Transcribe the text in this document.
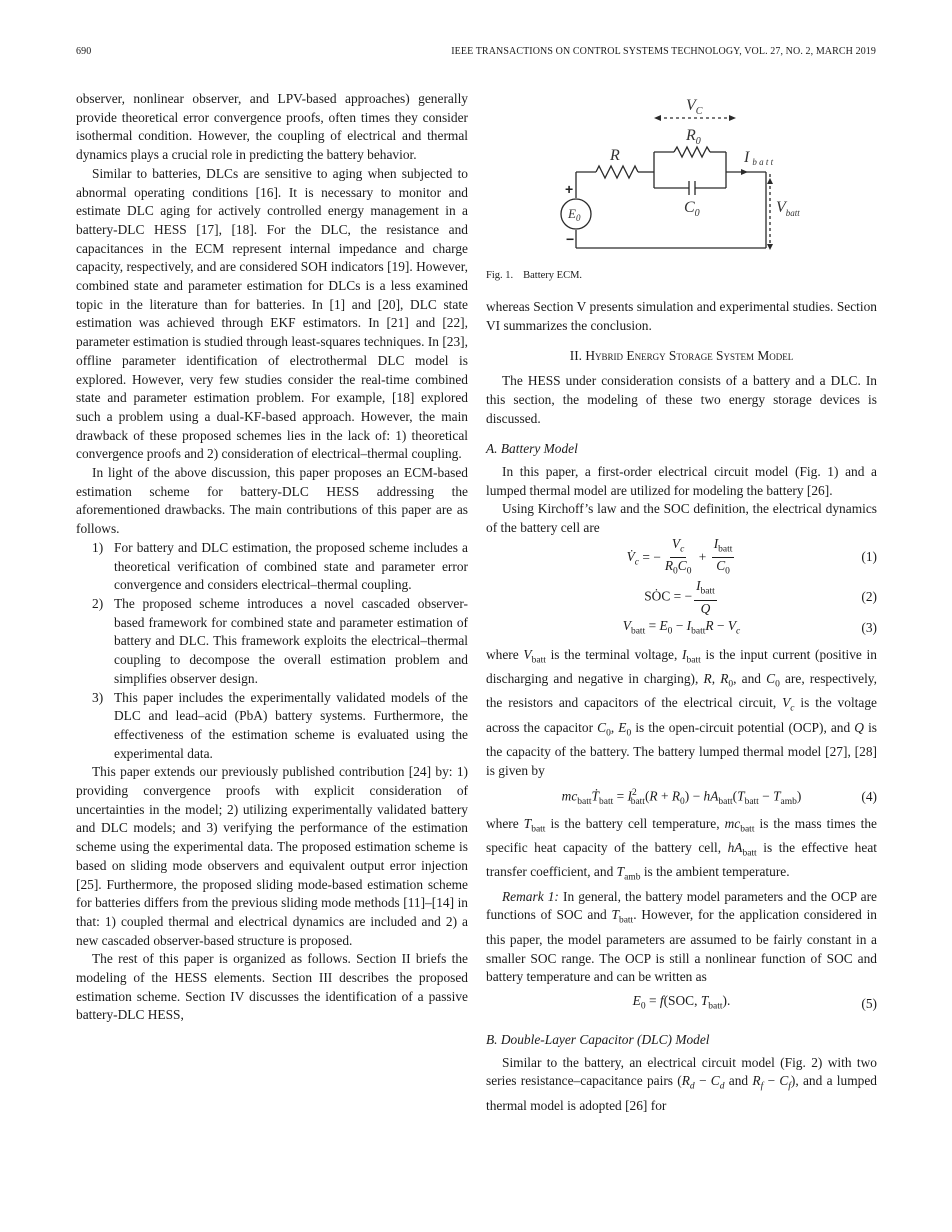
690	IEEE TRANSACTIONS ON CONTROL SYSTEMS TECHNOLOGY, VOL. 27, NO. 2, MARCH 2019

observer, nonlinear observer, and LPV-based approaches) generally provide theoretical error convergence proofs, often times they consider isothermal condition. However, the coupling of electrical and thermal dynamics plays a crucial role in predicting the battery behavior.

Similar to batteries, DLCs are sensitive to aging when subjected to abnormal operating conditions [16]. It is necessary to monitor and estimate DLC aging for actively controlled energy management in a battery-DLC HESS [17], [18]. For the DLC, the resistance and capacitances in the ECM represent internal impedance and charge capacity, respectively, and are considered SOH indicators [19]. However, combined state and parameter estimation for DLCs is a less examined topic in the literature than for batteries. In [1] and [20], DLC state estimation was achieved through EKF estimators. In [21] and [22], parameter estimation is studied through least-squares techniques. In [23], offline parameter identification of electrothermal DLC model is explored. However, very few studies consider the real-time combined state and parameter estimation problem. For example, [18] explored such a problem using a dual-KF-based approach. However, the main drawback of these proposed schemes lies in the lack of: 1) theoretical convergence proofs and 2) consideration of electrical–thermal coupling.

In light of the above discussion, this paper proposes an ECM-based estimation scheme for battery-DLC HESS addressing the aforementioned drawbacks. The main contributions of this paper are as follows.

1) For battery and DLC estimation, the proposed scheme includes a theoretical verification of combined state and parameter error convergence and considers electrical–thermal coupling.
2) The proposed scheme introduces a novel cascaded observer-based framework for combined state and parameter estimation of battery and DLC. This framework exploits the electrical–thermal coupling to decompose the overall estimation problem and simplifies observer design.
3) This paper includes the experimentally validated models of the DLC and lead–acid (PbA) battery systems. Furthermore, the effectiveness of the estimation scheme is evaluated using the experimental data.

This paper extends our previously published contribution [24] by: 1) providing convergence proofs with explicit consideration of uncertainties in the model; 2) utilizing experimentally validated battery and DLC models; and 3) verifying the performance of the estimation scheme using the experimental data. The proposed estimation scheme is based on sliding mode observers and equivalent output error injection [25]. Furthermore, the proposed sliding mode-based estimation scheme for batteries differs from the previous sliding mode methods [11]–[14] in that: 1) coupled thermal and electrical dynamics are included and 2) a new cascaded observer-based structure is proposed.

The rest of this paper is organized as follows. Section II briefs the modeling of the HESS elements. Section III describes the proposed estimation scheme. Section IV discusses the identification of a passive battery-DLC HESS,

$V_C$
$R_0$
R	Ib a t t
$C_0$
$E_0$
$V_{batt}$
+
−
Fig. 1. Battery ECM.

whereas Section V presents simulation and experimental studies. Section VI summarizes the conclusion.

II. Hybrid Energy Storage System Model

The HESS under consideration consists of a battery and a DLC. In this section, the modeling of these two energy storage devices is discussed.

A. Battery Model

In this paper, a first-order electrical circuit model (Fig. 1) and a lumped thermal model are utilized for modeling the battery [26].

Using Kirchoff’s law and the SOC definition, the electrical dynamics of the battery cell are

$V̇_c$ = − $\frac{V_c}{R_0C_0} + \frac{I_{batt}}{C_0}$	(1)
SȮC = − $\frac{I_{batt}}{Q}$	(2)
$V_{batt} = E_0 - I_{batt}R - V_c$	(3)

where $V_{batt}$ is the terminal voltage, $I_{batt}$ is the input current (positive in discharging and negative in charging), R, $R_0$, and $C_0$ are, respectively, the resistors and capacitors of the electrical circuit, $V_c$ is the voltage across the capacitor $C_0$, $E_0$ is the open-circuit potential (OCP), and Q is the capacity of the battery. The battery lumped thermal model [27], [28] is given by

$mc_{batt}Ṫ_{batt} = I^2_{batt}(R + R_0) - hA_{batt}(T_{batt} - T_{amb})$	(4)

where $T_{batt}$ is the battery cell temperature, $mc_{batt}$ is the mass times the specific heat capacity of the battery cell, $hA_{batt}$ is the effective heat transfer coefficient, and $T_{amb}$ is the ambient temperature.

Remark 1: In general, the battery model parameters and the OCP are functions of SOC and $T_{batt}$. However, for the application considered in this paper, the model parameters are assumed to be fairly constant in a smaller SOC range. The OCP is still a nonlinear function of SOC and battery temperature and can be written as

$E_0 = f(SOC$, $T_{batt}$).	(5)
B. Double-Layer Capacitor (DLC) Model

Similar to the battery, an electrical circuit model (Fig. 2) with two series resistance–capacitance pairs ($R_d - C_d$ and $R_f - C_f$), and a lumped thermal model is adopted [26] for
